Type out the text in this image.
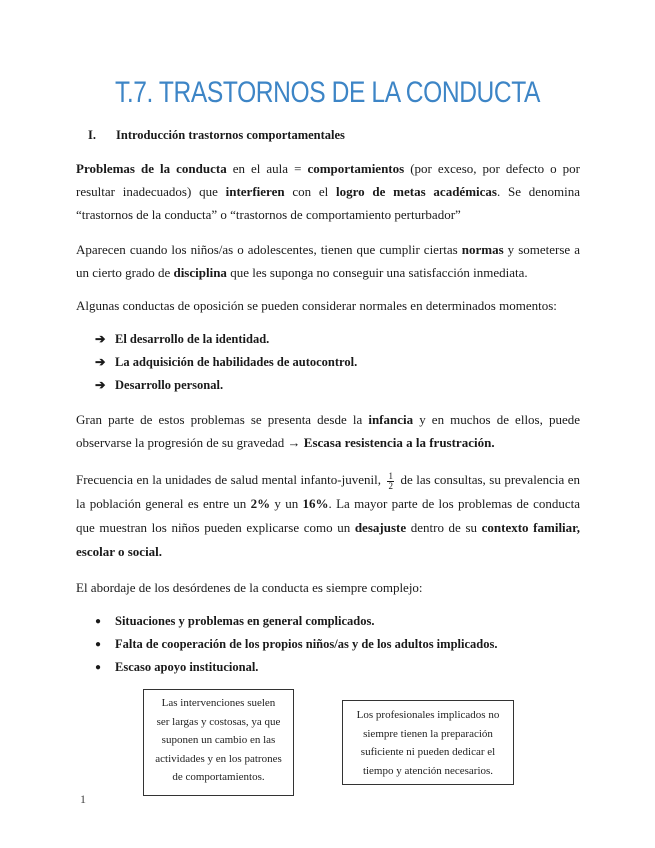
T.7. TRASTORNOS DE LA CONDUCTA
I. Introducción trastornos comportamentales

Problemas de la conducta en el aula = comportamientos (por exceso, por defecto o por resultar inadecuados) que interfieren con el logro de metas académicas. Se denomina “trastornos de la conducta” o “trastornos de comportamiento perturbador”

Aparecen cuando los niños/as o adolescentes, tienen que cumplir ciertas normas y someterse a un cierto grado de disciplina que les suponga no conseguir una satisfacción inmediata.

Algunas conductas de oposición se pueden considerar normales en determinados momentos:

➔ El desarrollo de la identidad.
➔ La adquisición de habilidades de autocontrol.
➔ Desarrollo personal.

Gran parte de estos problemas se presenta desde la infancia y en muchos de ellos, puede observarse la progresión de su gravedad → Escasa resistencia a la frustración.

Frecuencia en la unidades de salud mental infanto-juvenil, $\frac{1}{2}$ de las consultas, su prevalencia en la población general es entre un 2% y un 16%. La mayor parte de los problemas de conducta que muestran los niños pueden explicarse como un desajuste dentro de su contexto familiar, escolar o social.

El abordaje de los desórdenes de la conducta es siempre complejo:

● Situaciones y problemas en general complicados.
● Falta de cooperación de los propios niños/as y de los adultos implicados.
● Escaso apoyo institucional.
Las intervenciones suelen ser largas y costosas, ya que suponen un cambio en las actividades y en los patrones de comportamientos.
Los profesionales implicados no siempre tienen la preparación suficiente ni pueden dedicar el tiempo y atención necesarios.
1
